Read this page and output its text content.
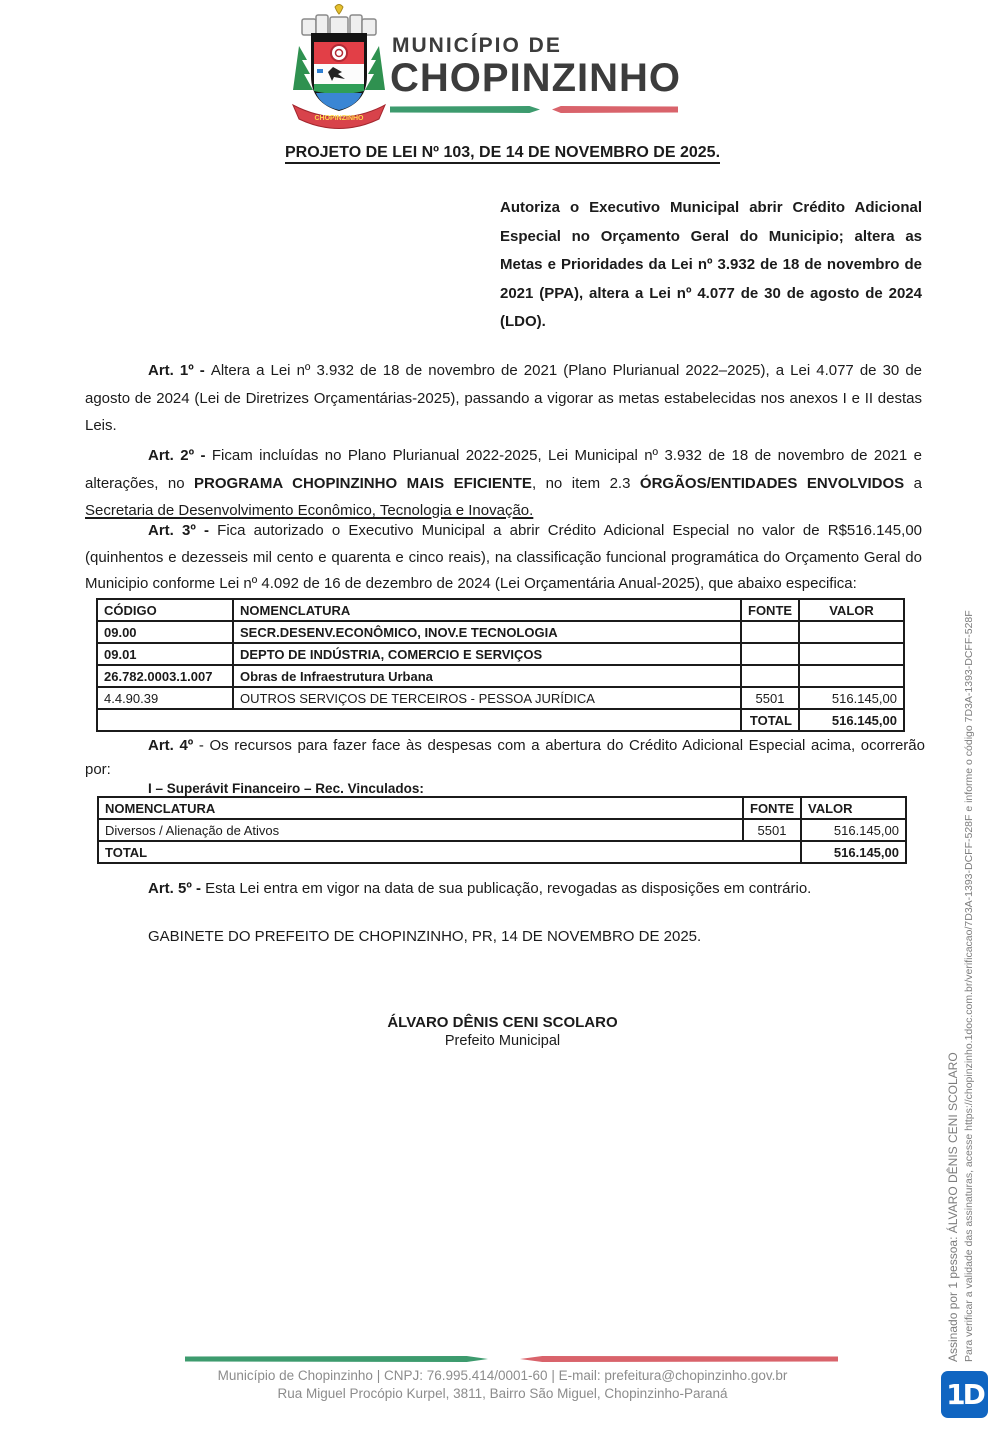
CHOPINZINHO
MUNICÍPIO DE
CHOPINZINHO
PROJETO DE LEI Nº 103, DE 14 DE NOVEMBRO DE 2025.
Autoriza o Executivo Municipal abrir Crédito Adicional Especial no Orçamento Geral do Municipio; altera as Metas e Prioridades da Lei nº 3.932 de 18 de novembro de 2021 (PPA), altera a Lei nº 4.077 de 30 de agosto de 2024 (LDO).

Art. 1º - Altera a Lei nº 3.932 de 18 de novembro de 2021 (Plano Plurianual 2022–2025), a Lei 4.077 de 30 de agosto de 2024 (Lei de Diretrizes Orçamentárias-2025), passando a vigorar as metas estabelecidas nos anexos I e II destas Leis.

Art. 2º - Ficam incluídas no Plano Plurianual 2022-2025, Lei Municipal nº 3.932 de 18 de novembro de 2021 e alterações, no PROGRAMA CHOPINZINHO MAIS EFICIENTE, no item 2.3 ÓRGÃOS/ENTIDADES ENVOLVIDOS a Secretaria de Desenvolvimento Econômico, Tecnologia e Inovação.

Art. 3º - Fica autorizado o Executivo Municipal a abrir Crédito Adicional Especial no valor de R$516.145,00 (quinhentos e dezesseis mil cento e quarenta e cinco reais), na classificação funcional programática do Orçamento Geral do Municipio conforme Lei nº 4.092 de 16 de dezembro de 2024 (Lei Orçamentária Anual-2025), que abaixo especifica:

CÓDIGO	NOMENCLATURA	FONTE	VALOR
09.00	SECR.DESENV.ECONÔMICO, INOV.E TECNOLOGIA		
09.01	DEPTO DE INDÚSTRIA, COMERCIO E SERVIÇOS		
26.782.0003.1.007	Obras de Infraestrutura Urbana		
4.4.90.39	OUTROS SERVIÇOS DE TERCEIROS - PESSOA JURÍDICA	5501	516.145,00
		TOTAL	516.145,00

Art. 4º - Os recursos para fazer face às despesas com a abertura do Crédito Adicional Especial acima, ocorrerão por:

I – Superávit Financeiro – Rec. Vinculados:
NOMENCLATURA	FONTE	VALOR
Diversos / Alienação de Ativos	5501	516.145,00
TOTAL		516.145,00

Art. 5º - Esta Lei entra em vigor na data de sua publicação, revogadas as disposições em contrário.

GABINETE DO PREFEITO DE CHOPINZINHO, PR, 14 DE NOVEMBRO DE 2025.

ÁLVARO DÊNIS CENI SCOLARO
Prefeito Municipal
Município de Chopinzinho | CNPJ: 76.995.414/0001-60 | E-mail: prefeitura@chopinzinho.gov.br
Rua Miguel Procópio Kurpel, 3811, Bairro São Miguel, Chopinzinho-Paraná
Assinado por 1 pessoa: ÁLVARO DÊNIS CENI SCOLARO Para verificar a validade das assinaturas, acesse https://chopinzinho.1doc.com.br/verificacao/7D3A-1393-DCFF-528F e informe o código 7D3A-1393-DCFF-528F
1D
